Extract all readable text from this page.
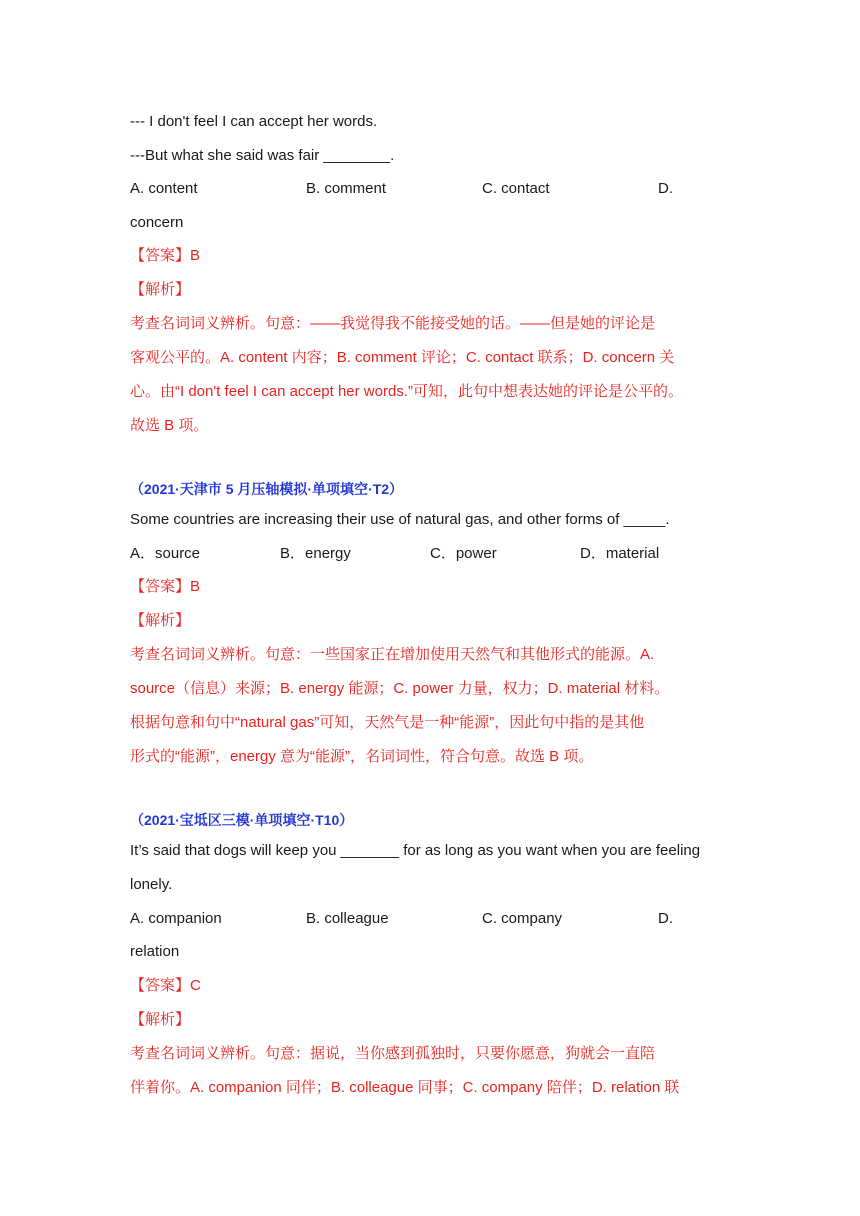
--- I don't feel I can accept her words.
---But what she said was fair ________.
A. content	B. comment	C. contact	D.
concern
【答案】B
【解析】
考查名词词义辨析。句意：——我觉得我不能接受她的话。——但是她的评论是
客观公平的。A. content 内容；B. comment 评论；C. contact 联系；D. concern 关
心。由“I don't feel I can accept her words.”可知，此句中想表达她的评论是公平的。
故选 B 项。
（2021·天津市 5 月压轴模拟·单项填空·T2）
Some countries are increasing their use of natural gas, and other forms of _____.
A．source	B．energy	C．power	D．material
【答案】B
【解析】
考查名词词义辨析。句意：一些国家正在增加使用天然气和其他形式的能源。A.
source（信息）来源；B. energy 能源；C. power 力量，权力；D. material 材料。
根据句意和句中“natural gas”可知，天然气是一种“能源”，因此句中指的是其他
形式的“能源”，energy 意为“能源”，名词词性，符合句意。故选 B 项。
（2021·宝坻区三模·单项填空·T10）
It’s said that dogs will keep you _______ for as long as you want when you are feeling
lonely.
A. companion	B. colleague	C. company	D.
relation
【答案】C
【解析】
考查名词词义辨析。句意：据说，当你感到孤独时，只要你愿意，狗就会一直陪
伴着你。A. companion 同伴；B. colleague 同事；C. company 陪伴；D. relation 联
